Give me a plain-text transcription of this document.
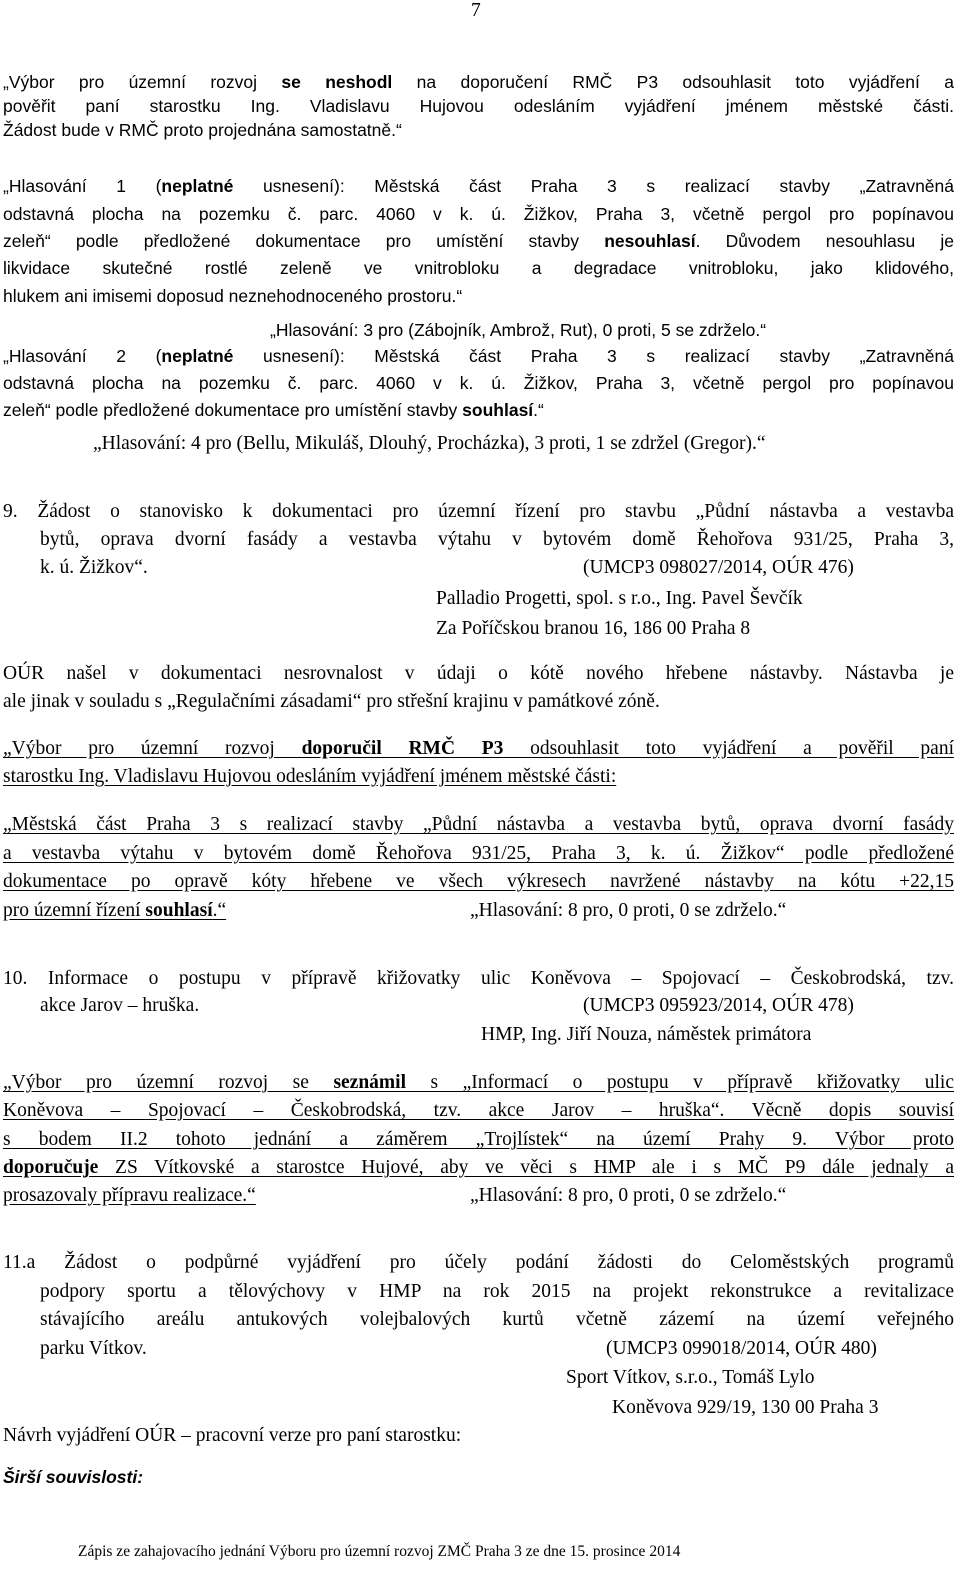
7
„Výbor pro územní rozvoj se neshodl na doporučení RMČ P3 odsouhlasit toto vyjádření a
pověřit paní starostku Ing. Vladislavu Hujovou odesláním vyjádření jménem městské části.
Žádost bude v RMČ proto projednána samostatně.“
„Hlasování 1 (neplatné usnesení): Městská část Praha 3 s realizací stavby „Zatravněná
odstavná plocha na pozemku č. parc. 4060 v k. ú. Žižkov, Praha 3, včetně pergol pro popínavou
zeleň“ podle předložené dokumentace pro umístění stavby nesouhlasí. Důvodem nesouhlasu je
likvidace skutečné rostlé zeleně ve vnitrobloku a degradace vnitrobloku, jako klidového,
hlukem ani imisemi doposud neznehodnoceného prostoru.“
„Hlasování: 3 pro (Zábojník, Ambrož, Rut), 0 proti, 5 se zdrželo.“
„Hlasování 2 (neplatné usnesení): Městská část Praha 3 s realizací stavby „Zatravněná
odstavná plocha na pozemku č. parc. 4060 v k. ú. Žižkov, Praha 3, včetně pergol pro popínavou
zeleň“ podle předložené dokumentace pro umístění stavby souhlasí.“
„Hlasování: 4 pro (Bellu, Mikuláš, Dlouhý, Procházka), 3 proti, 1 se zdržel (Gregor).“
9. Žádost o stanovisko k dokumentaci pro územní řízení pro stavbu „Půdní nástavba a vestavba
bytů, oprava dvorní fasády a vestavba výtahu v bytovém domě Řehořova 931/25, Praha 3,
k. ú. Žižkov“.	(UMCP3 098027/2014, OÚR 476)
Palladio Progetti, spol. s r.o., Ing. Pavel Ševčík
Za Poříčskou branou 16, 186 00 Praha 8
OÚR našel v dokumentaci nesrovnalost v údaji o kótě nového hřebene nástavby. Nástavba je
ale jinak v souladu s „Regulačními zásadami“ pro střešní krajinu v památkové zóně.
„Výbor pro územní rozvoj doporučil RMČ P3 odsouhlasit toto vyjádření a pověřil paní
starostku Ing. Vladislavu Hujovou odesláním vyjádření jménem městské části:
„Městská část Praha 3 s realizací stavby „Půdní nástavba a vestavba bytů, oprava dvorní fasády
a vestavba výtahu v bytovém domě Řehořova 931/25, Praha 3, k. ú. Žižkov“ podle předložené
dokumentace po opravě kóty hřebene ve všech výkresech navržené nástavby na kótu +22,15
pro územní řízení souhlasí.“	„Hlasování: 8 pro, 0 proti, 0 se zdrželo.“
10. Informace o postupu v přípravě křižovatky ulic Koněvova – Spojovací – Českobrodská, tzv.
akce Jarov – hruška.	(UMCP3 095923/2014, OÚR 478)
HMP, Ing. Jiří Nouza, náměstek primátora
„Výbor pro územní rozvoj se seznámil s „Informací o postupu v přípravě křižovatky ulic
Koněvova – Spojovací – Českobrodská, tzv. akce Jarov – hruška“. Věcně dopis souvisí
s bodem II.2 tohoto jednání a záměrem „Trojlístek“ na území Prahy 9. Výbor proto
doporučuje ZS Vítkovské a starostce Hujové, aby ve věci s HMP ale i s MČ P9 dále jednaly a
prosazovaly přípravu realizace.“	„Hlasování: 8 pro, 0 proti, 0 se zdrželo.“
11.a Žádost o podpůrné vyjádření pro účely podání žádosti do Celoměstských programů
podpory sportu a tělovýchovy v HMP na rok 2015 na projekt rekonstrukce a revitalizace
stávajícího areálu antukových volejbalových kurtů včetně zázemí na území veřejného
parku Vítkov.	(UMCP3 099018/2014, OÚR 480)
Sport Vítkov, s.r.o., Tomáš Lylo
Koněvova 929/19, 130 00 Praha 3
Návrh vyjádření OÚR – pracovní verze pro paní starostku:
Širší souvislosti:
Zápis ze zahajovacího jednání Výboru pro územní rozvoj ZMČ Praha 3 ze dne 15. prosince 2014
